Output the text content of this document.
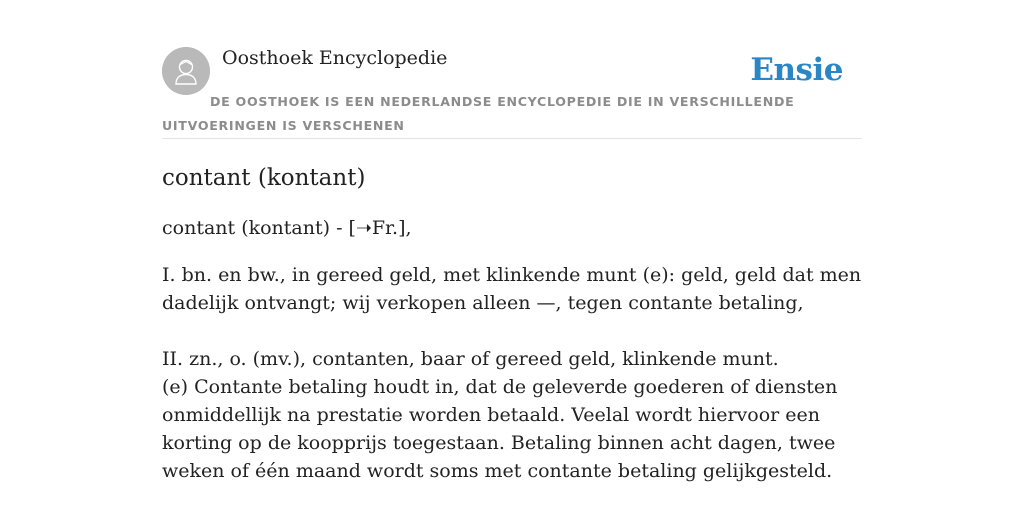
Oosthoek Encyclopedie	Ensie
DE OOSTHOEK IS EEN NEDERLANDSE ENCYCLOPEDIE DIE IN VERSCHILLENDE UITVOERINGEN IS VERSCHENEN
contant (kontant)
contant (kontant) - [➝Fr.],

I. bn. en bw., in gereed geld, met klinkende munt (e): geld, geld dat men dadelijk ontvangt; wij verkopen alleen —, tegen contante betaling,

II. zn., o. (mv.), contanten, baar of gereed geld, klinkende munt.

(e) Contante betaling houdt in, dat de geleverde goederen of diensten onmiddellijk na prestatie worden betaald. Veelal wordt hiervoor een korting op de koopprijs toegestaan. Betaling binnen acht dagen, twee weken of één maand wordt soms met contante betaling gelijkgesteld.
